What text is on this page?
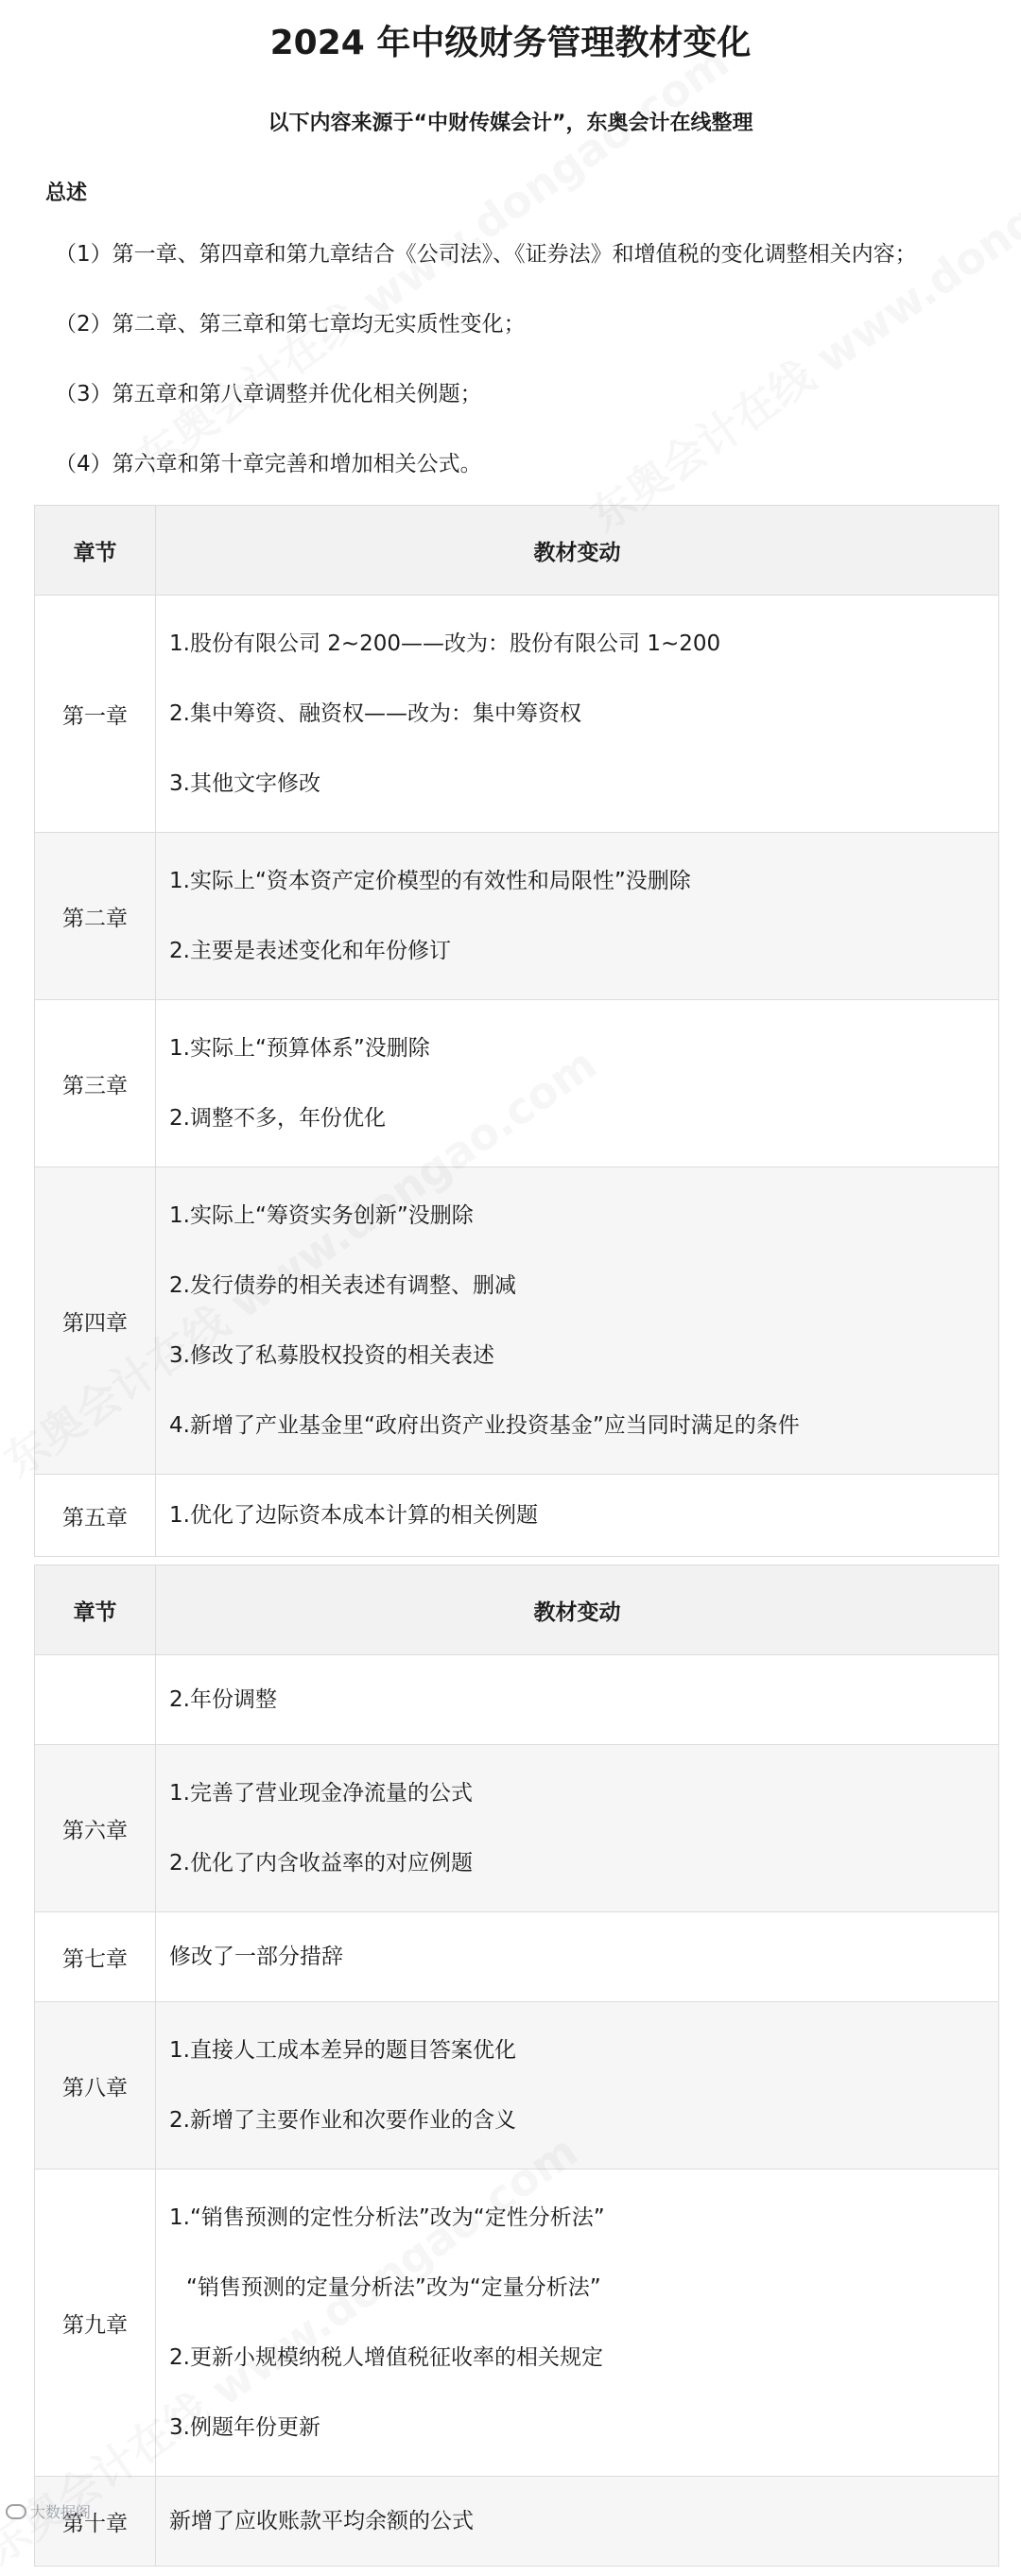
2024 年中级财务管理教材变化
以下内容来源于“中财传媒会计”，东奥会计在线整理
总述
（1）第一章、第四章和第九章结合《公司法》、《证券法》和增值税的变化调整相关内容；
（2）第二章、第三章和第七章均无实质性变化；
（3）第五章和第八章调整并优化相关例题；
（4）第六章和第十章完善和增加相关公式。
章节	教材变动
第一章	1.股份有限公司 2~200——改为：股份有限公司 1~200
2.集中筹资、融资权——改为：集中筹资权
3.其他文字修改

第二章	1.实际上“资本资产定价模型的有效性和局限性”没删除
2.主要是表述变化和年份修订

第三章	1.实际上“预算体系”没删除
2.调整不多，年份优化

第四章	1.实际上“筹资实务创新”没删除
2.发行债券的相关表述有调整、删减
3.修改了私募股权投资的相关表述
4.新增了产业基金里“政府出资产业投资基金”应当同时满足的条件

第五章	1.优化了边际资本成本计算的相关例题
章节	教材变动

	2.年份调整

第六章	1.完善了营业现金净流量的公式
2.优化了内含收益率的对应例题

第七章	修改了一部分措辞

第八章	1.直接人工成本差异的题目答案优化
2.新增了主要作业和次要作业的含义

第九章	1.“销售预测的定性分析法”改为“定性分析法”
“销售预测的定量分析法”改为“定量分析法”
2.更新小规模纳税人增值税征收率的相关规定
3.例题年份更新

第十章	新增了应收账款平均余额的公式
大数据阁
